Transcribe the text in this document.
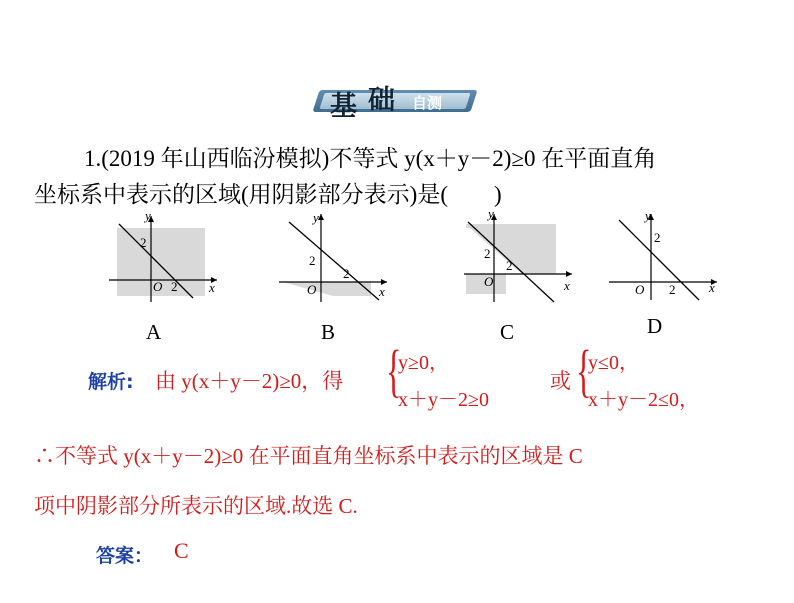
基 础 自测
1.(2019 年山西临汾模拟)不等式 y(x＋y－2)≥0 在平面直角
坐标系中表示的区域(用阴影部分表示)是(　　)
y
2
O 2 x
A
y
2
O
2
x
B
y
2
O
2
x
C
y
2
O 2	x
D
解析: 由 y(x＋y－2)≥0，得 {
y≥0，
x＋y－2≥0
或 {
y≤0，
x＋y－2≤0，
∴不等式 y(x＋y－2)≥0 在平面直角坐标系中表示的区域是 C
项中阴影部分所表示的区域.故选 C.
答案： C
